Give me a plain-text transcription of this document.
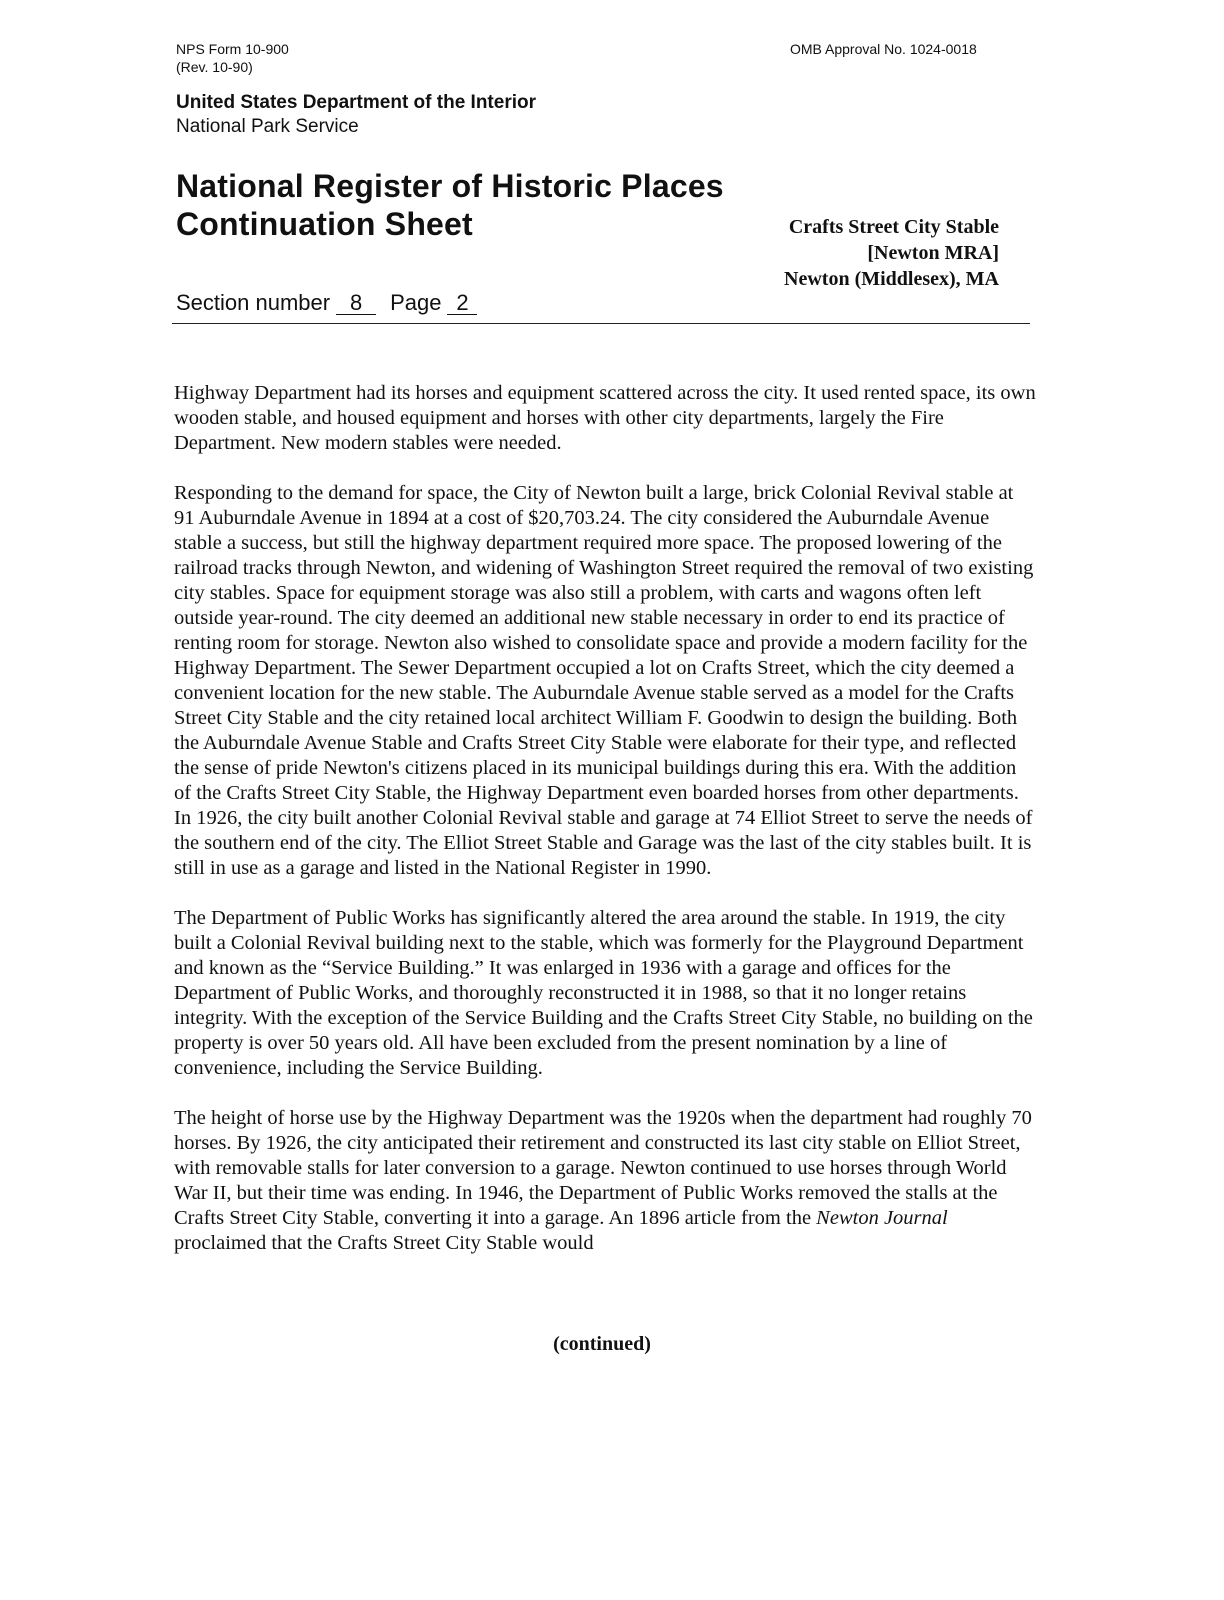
NPS Form 10-900
(Rev. 10-90)
OMB Approval No. 1024-0018
United States Department of the Interior
National Park Service
National Register of Historic Places
Continuation Sheet	Crafts Street City Stable
[Newton MRA]
Newton (Middlesex), MA
Section number 8 Page 2

Highway Department had its horses and equipment scattered across the city. It used rented space, its own wooden stable, and housed equipment and horses with other city departments, largely the Fire Department. New modern stables were needed.

Responding to the demand for space, the City of Newton built a large, brick Colonial Revival stable at 91 Auburndale Avenue in 1894 at a cost of $20,703.24. The city considered the Auburndale Avenue stable a success, but still the highway department required more space. The proposed lowering of the railroad tracks through Newton, and widening of Washington Street required the removal of two existing city stables. Space for equipment storage was also still a problem, with carts and wagons often left outside year-round. The city deemed an additional new stable necessary in order to end its practice of renting room for storage. Newton also wished to consolidate space and provide a modern facility for the Highway Department. The Sewer Department occupied a lot on Crafts Street, which the city deemed a convenient location for the new stable. The Auburndale Avenue stable served as a model for the Crafts Street City Stable and the city retained local architect William F. Goodwin to design the building. Both the Auburndale Avenue Stable and Crafts Street City Stable were elaborate for their type, and reflected the sense of pride Newton's citizens placed in its municipal buildings during this era. With the addition of the Crafts Street City Stable, the Highway Department even boarded horses from other departments. In 1926, the city built another Colonial Revival stable and garage at 74 Elliot Street to serve the needs of the southern end of the city. The Elliot Street Stable and Garage was the last of the city stables built. It is still in use as a garage and listed in the National Register in 1990.

The Department of Public Works has significantly altered the area around the stable. In 1919, the city built a Colonial Revival building next to the stable, which was formerly for the Playground Department and known as the “Service Building.” It was enlarged in 1936 with a garage and offices for the Department of Public Works, and thoroughly reconstructed it in 1988, so that it no longer retains integrity. With the exception of the Service Building and the Crafts Street City Stable, no building on the property is over 50 years old. All have been excluded from the present nomination by a line of convenience, including the Service Building.

The height of horse use by the Highway Department was the 1920s when the department had roughly 70 horses. By 1926, the city anticipated their retirement and constructed its last city stable on Elliot Street, with removable stalls for later conversion to a garage. Newton continued to use horses through World War II, but their time was ending. In 1946, the Department of Public Works removed the stalls at the Crafts Street City Stable, converting it into a garage. An 1896 article from the Newton Journal proclaimed that the Crafts Street City Stable would

(continued)
